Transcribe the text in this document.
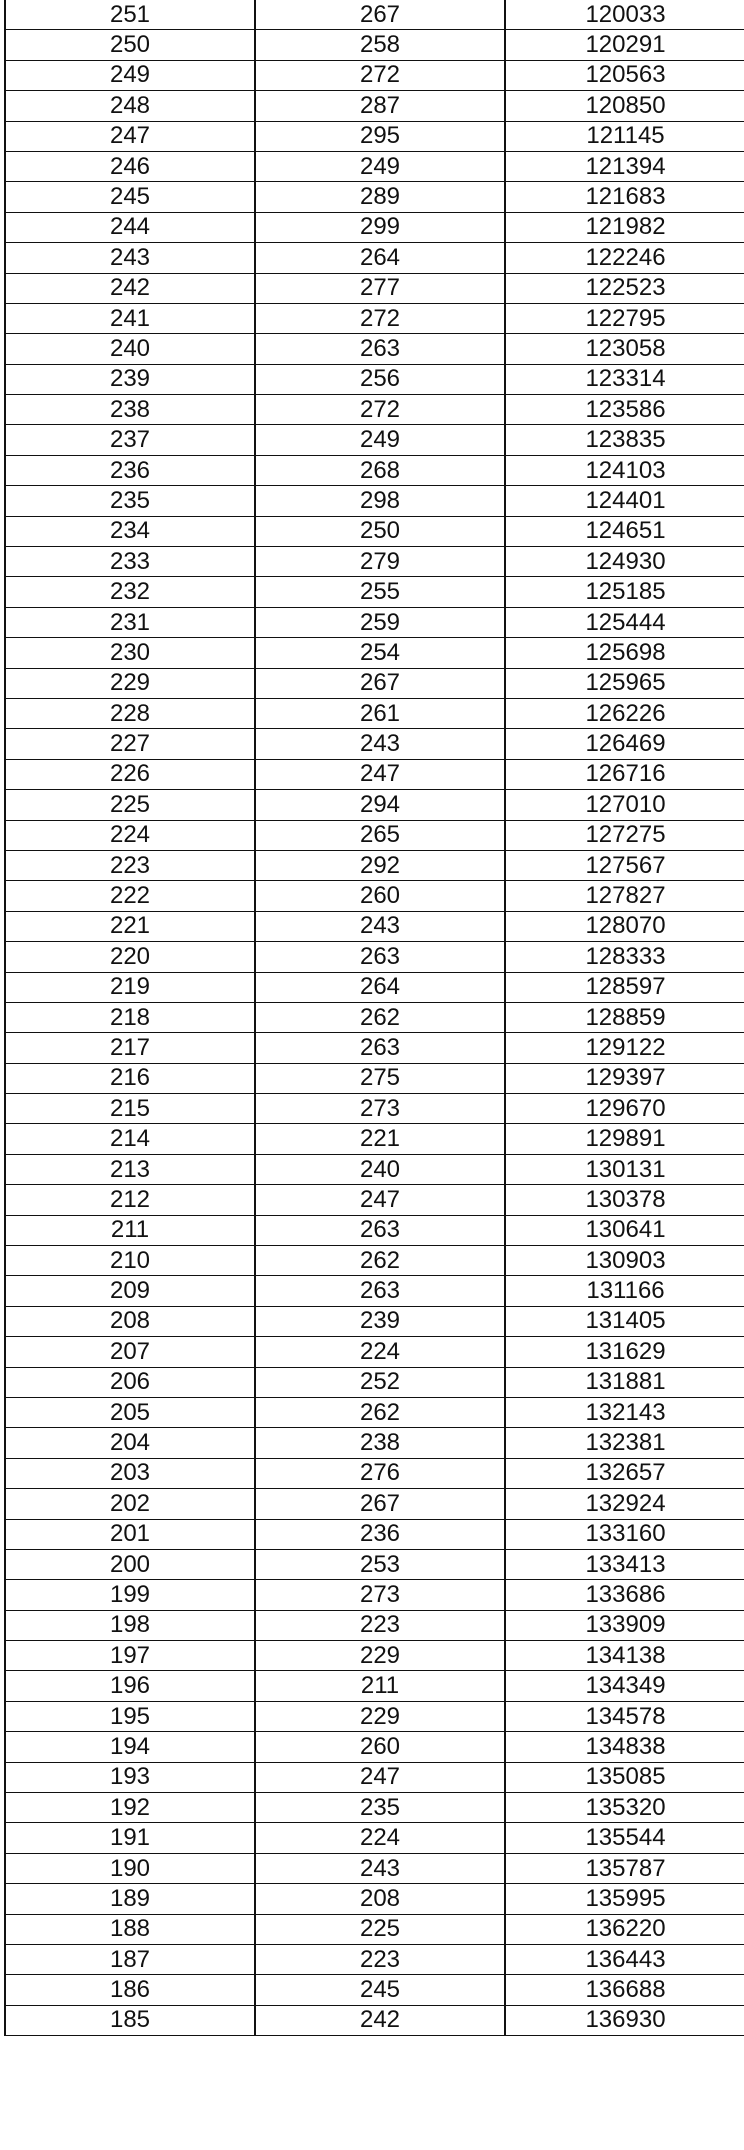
251	267	120033
250	258	120291
249	272	120563
248	287	120850
247	295	121145
246	249	121394
245	289	121683
244	299	121982
243	264	122246
242	277	122523
241	272	122795
240	263	123058
239	256	123314
238	272	123586
237	249	123835
236	268	124103
235	298	124401
234	250	124651
233	279	124930
232	255	125185
231	259	125444
230	254	125698
229	267	125965
228	261	126226
227	243	126469
226	247	126716
225	294	127010
224	265	127275
223	292	127567
222	260	127827
221	243	128070
220	263	128333
219	264	128597
218	262	128859
217	263	129122
216	275	129397
215	273	129670
214	221	129891
213	240	130131
212	247	130378
211	263	130641
210	262	130903
209	263	131166
208	239	131405
207	224	131629
206	252	131881
205	262	132143
204	238	132381
203	276	132657
202	267	132924
201	236	133160
200	253	133413
199	273	133686
198	223	133909
197	229	134138
196	211	134349
195	229	134578
194	260	134838
193	247	135085
192	235	135320
191	224	135544
190	243	135787
189	208	135995
188	225	136220
187	223	136443
186	245	136688
185	242	136930
